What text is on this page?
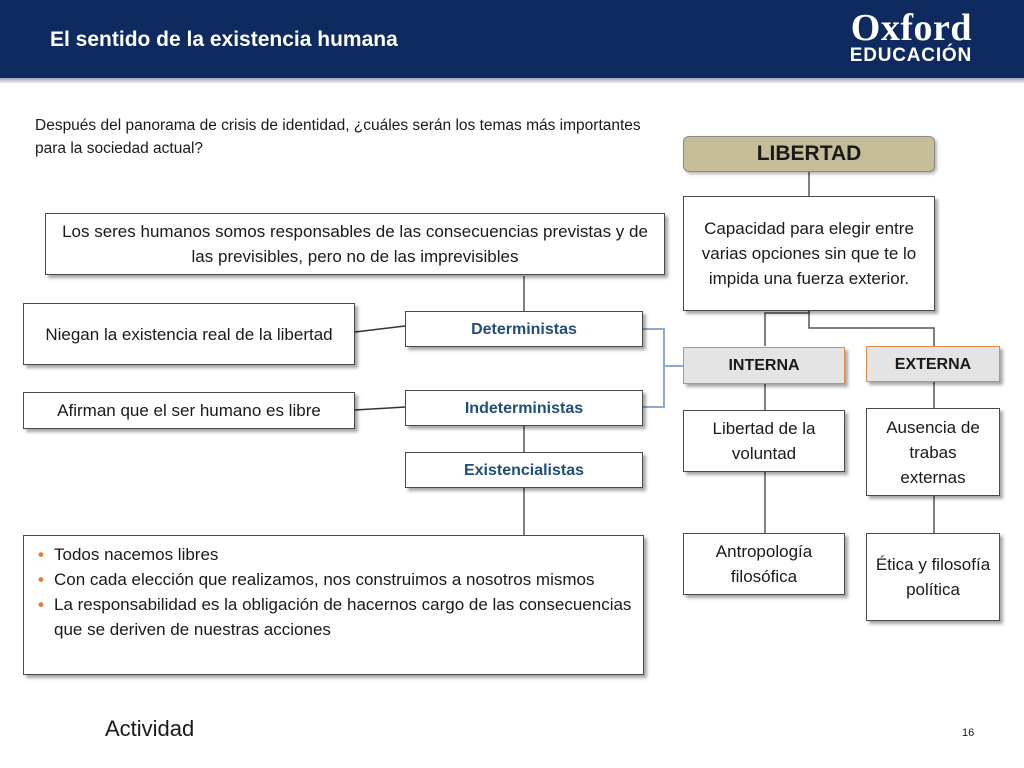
El sentido de la existencia humana	Oxford
EDUCACIÓN
Después del panorama de crisis de identidad, ¿cuáles serán los temas más importantes para la sociedad actual?
Los seres humanos somos responsables de las consecuencias previstas y de las previsibles, pero no de las imprevisibles
Niegan la existencia real de la libertad
Afirman que el ser humano es libre
Deterministas
Indeterministas
Existencialistas
• Todos nacemos libres
• Con cada elección que realizamos, nos construimos a nosotros mismos
• La responsabilidad es la obligación de hacernos cargo de las consecuencias que se deriven de nuestras acciones
LIBERTAD
Capacidad para elegir entre varias opciones sin que te lo impida una fuerza exterior.
INTERNA	EXTERNA
Libertad de la voluntad
Ausencia de trabas externas
Antropología filosófica
Ética y filosofía política
Actividad	16
